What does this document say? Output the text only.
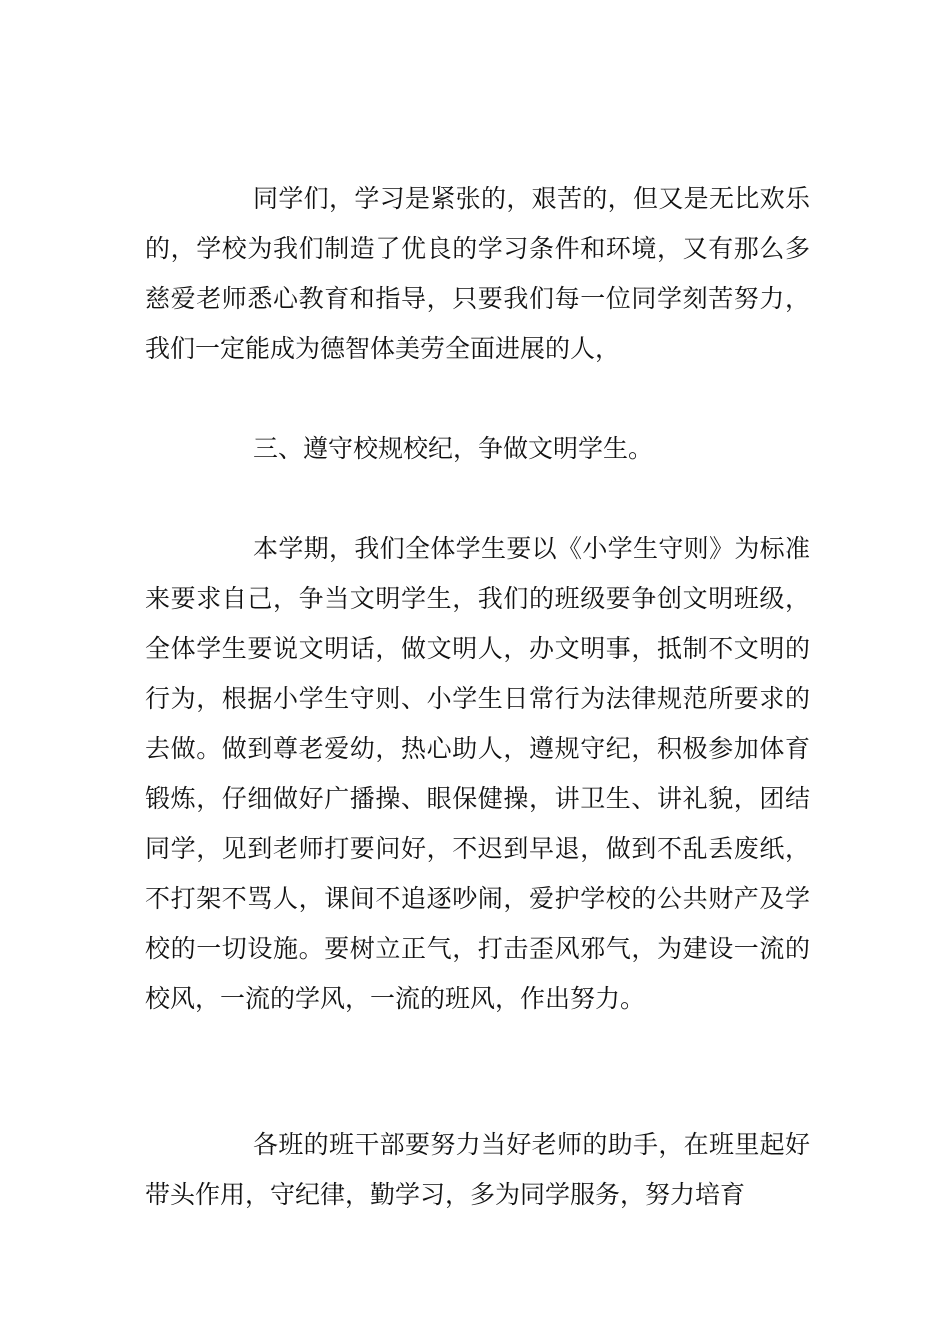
同学们，学习是紧张的，艰苦的，但又是无比欢乐的，学校为我们制造了优良的学习条件和环境，又有那么多慈爱老师悉心教育和指导，只要我们每一位同学刻苦努力，我们一定能成为德智体美劳全面进展的人，

三、遵守校规校纪，争做文明学生。

本学期，我们全体学生要以《小学生守则》为标准来要求自己，争当文明学生，我们的班级要争创文明班级，全体学生要说文明话，做文明人，办文明事，抵制不文明的行为，根据小学生守则、小学生日常行为法律规范所要求的去做。做到尊老爱幼，热心助人，遵规守纪，积极参加体育锻炼，仔细做好广播操、眼保健操，讲卫生、讲礼貌，团结同学，见到老师打要问好，不迟到早退，做到不乱丢废纸，不打架不骂人，课间不追逐吵闹，爱护学校的公共财产及学校的一切设施。要树立正气，打击歪风邪气，为建设一流的校风，一流的学风，一流的班风，作出努力。

各班的班干部要努力当好老师的助手，在班里起好带头作用，守纪律，勤学习，多为同学服务，努力培育
